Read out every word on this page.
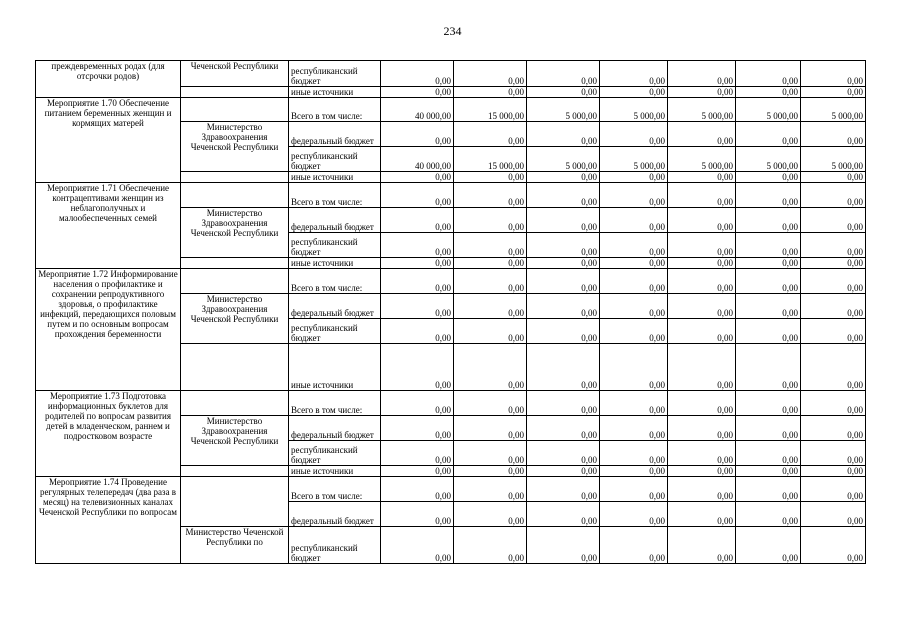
234
преждевременных родах (для отсрочки родов)	Чеченской Республики	республиканский бюджет	0,00	0,00	0,00	0,00	0,00	0,00	0,00
		иные источники	0,00	0,00	0,00	0,00	0,00	0,00	0,00
Мероприятие 1.70 Обеспечение питанием беременных женщин и кормящих матерей		Всего в том числе:	40 000,00	15 000,00	5 000,00	5 000,00	5 000,00	5 000,00	5 000,00
	Министерство Здравоохранения Чеченской Республики	федеральный бюджет	0,00	0,00	0,00	0,00	0,00	0,00	0,00
		республиканский бюджет	40 000,00	15 000,00	5 000,00	5 000,00	5 000,00	5 000,00	5 000,00
		иные источники	0,00	0,00	0,00	0,00	0,00	0,00	0,00
Мероприятие 1.71 Обеспечение контрацептивами женщин из неблагополучных и малообеспеченных семей		Всего в том числе:	0,00	0,00	0,00	0,00	0,00	0,00	0,00
	Министерство Здравоохранения Чеченской Республики	федеральный бюджет	0,00	0,00	0,00	0,00	0,00	0,00	0,00
		республиканский бюджет	0,00	0,00	0,00	0,00	0,00	0,00	0,00
		иные источники	0,00	0,00	0,00	0,00	0,00	0,00	0,00
Мероприятие 1.72 Информирование населения о профилактике и сохранении репродуктивного здоровья, о профилактике инфекций, передающихся половым путем и по основным вопросам прохождения беременности		Всего в том числе:	0,00	0,00	0,00	0,00	0,00	0,00	0,00
	Министерство Здравоохранения Чеченской Республики	федеральный бюджет	0,00	0,00	0,00	0,00	0,00	0,00	0,00
		республиканский бюджет	0,00	0,00	0,00	0,00	0,00	0,00	0,00
		иные источники	0,00	0,00	0,00	0,00	0,00	0,00	0,00
Мероприятие 1.73 Подготовка информационных буклетов для родителей по вопросам развития детей в младенческом, раннем и подростковом возрасте		Всего в том числе:	0,00	0,00	0,00	0,00	0,00	0,00	0,00
	Министерство Здравоохранения Чеченской Республики	федеральный бюджет	0,00	0,00	0,00	0,00	0,00	0,00	0,00
		республиканский бюджет	0,00	0,00	0,00	0,00	0,00	0,00	0,00
		иные источники	0,00	0,00	0,00	0,00	0,00	0,00	0,00
Мероприятие 1.74 Проведение регулярных телепередач (два раза в месяц) на телевизионных каналах Чеченской Республики по вопросам		Всего в том числе:	0,00	0,00	0,00	0,00	0,00	0,00	0,00
		федеральный бюджет	0,00	0,00	0,00	0,00	0,00	0,00	0,00
	Министерство Чеченской Республики по	республиканский бюджет	0,00	0,00	0,00	0,00	0,00	0,00	0,00
